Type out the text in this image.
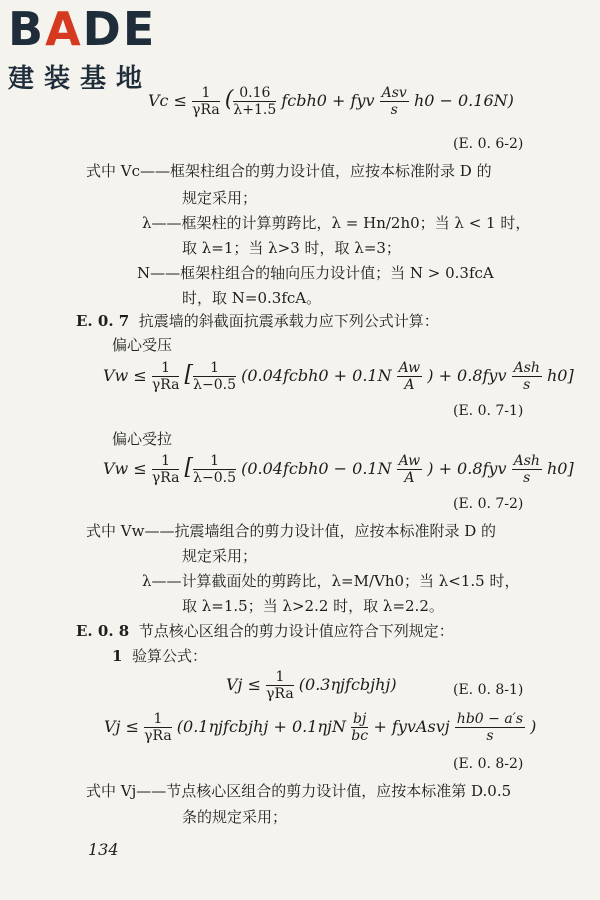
BADE
建装基地
$Vc \le \frac{1}{\text{γRa}}$ ( $\frac{0.16}{\lambda+1.5}$ fcbh0 + fyv $\frac{\text{Asv}}{s} h0 - 0.16N$)
(E. 0. 6-2)
式中 Vc——框架柱组合的剪力设计值，应按本标准附录 D 的
规定采用；
λ——框架柱的计算剪跨比，λ = Hn/2h0；当 λ < 1 时，
取 λ=1；当 λ>3 时，取 λ=3；
N——框架柱组合的轴向压力设计值；当 N > 0.3fcA
时，取 N=0.3fcA。
E. 0. 7 抗震墙的斜截面抗震承载力应下列公式计算：
偏心受压
$Vw \le \frac{1}{\text{γRa}}$ [ $\frac{1}{\lambda-0.5}$ (0.04fcbh0 + $0.1N \frac{Aw}{A}$ ) + $0.8fyv \frac{\text{Ash}}{s} h0$]
(E. 0. 7-1)
偏心受拉
$Vw \le \frac{1}{\text{γRa}}$ [ $\frac{1}{\lambda-0.5}$ (0.04fcbh0 − $0.1N \frac{Aw}{A}$ ) + $0.8fyv \frac{\text{Ash}}{s} h0$]
(E. 0. 7-2)
式中 Vw——抗震墙组合的剪力设计值，应按本标准附录 D 的
规定采用；
λ——计算截面处的剪跨比，λ=M/Vh0；当 λ<1.5 时，
取 λ=1.5；当 λ>2.2 时，取 λ=2.2。
E. 0. 8 节点核心区组合的剪力设计值应符合下列规定：
1 验算公式：
$Vj \le \frac{1}{\text{γRa}}$ (0.3ηjfcbjhj)	(E. 0. 8-1)
$Vj \le \frac{1}{\text{γRa}}$ (0.1ηjfcbjhj + $0.1\eta jN \frac{bj}{bc}$ + fyvAsvj $\frac{hb0 - a's}{s}$ )
(E. 0. 8-2)
式中 Vj——节点核心区组合的剪力设计值，应按本标准第 D.0.5
条的规定采用；
134
